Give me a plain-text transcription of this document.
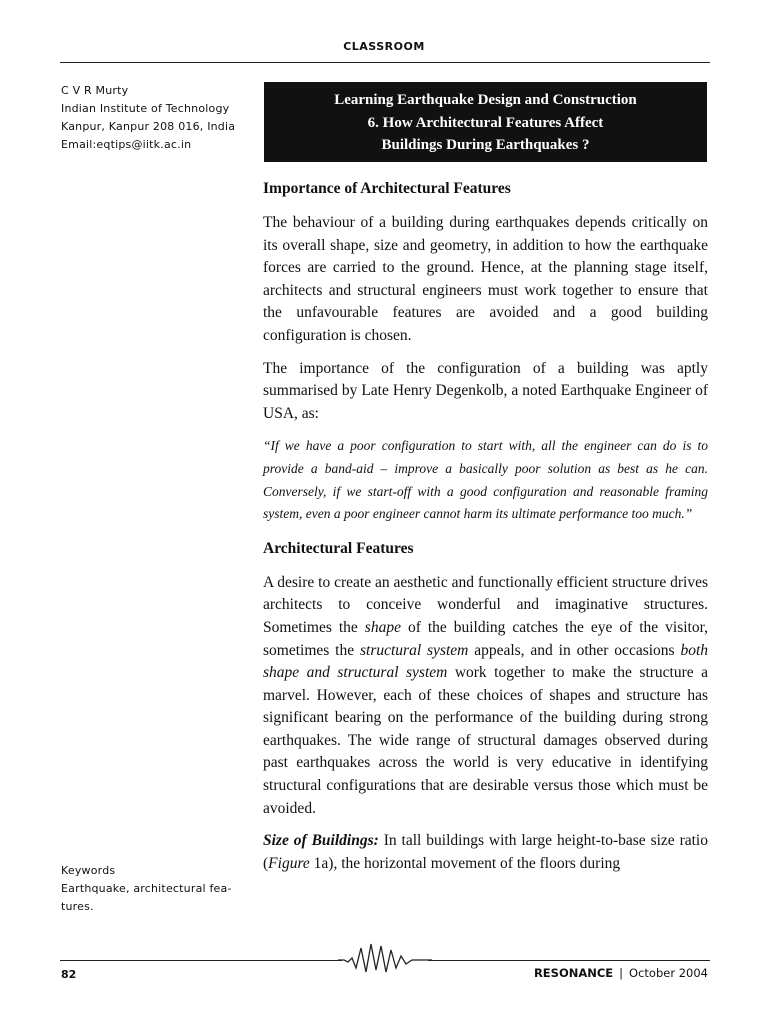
CLASSROOM
C V R Murty
Indian Institute of Technology
Kanpur, Kanpur 208 016, India
Email:eqtips@iitk.ac.in
Learning Earthquake Design and Construction
6. How Architectural Features Affect
Buildings During Earthquakes ?
Importance of Architectural Features

The behaviour of a building during earthquakes depends critically on its overall shape, size and geometry, in addition to how the earthquake forces are carried to the ground. Hence, at the planning stage itself, architects and structural engineers must work together to ensure that the unfavourable features are avoided and a good building configuration is chosen.

The importance of the configuration of a building was aptly summarised by Late Henry Degenkolb, a noted Earthquake Engineer of USA, as:

“If we have a poor configuration to start with, all the engineer can do is to provide a band-aid – improve a basically poor solution as best as he can. Conversely, if we start-off with a good configuration and reasonable framing system, even a poor engineer cannot harm its ultimate performance too much.”

Architectural Features

A desire to create an aesthetic and functionally efficient structure drives architects to conceive wonderful and imaginative structures. Sometimes the shape of the building catches the eye of the visitor, sometimes the structural system appeals, and in other occasions both shape and structural system work together to make the structure a marvel. However, each of these choices of shapes and structure has significant bearing on the performance of the building during strong earthquakes. The wide range of structural damages observed during past earthquakes across the world is very educative in identifying structural configurations that are desirable versus those which must be avoided.

Size of Buildings: In tall buildings with large height-to-base size ratio (Figure 1a), the horizontal movement of the floors during

Keywords
Earthquake, architectural fea-
tures.
82	RESONANCE | October 2004
